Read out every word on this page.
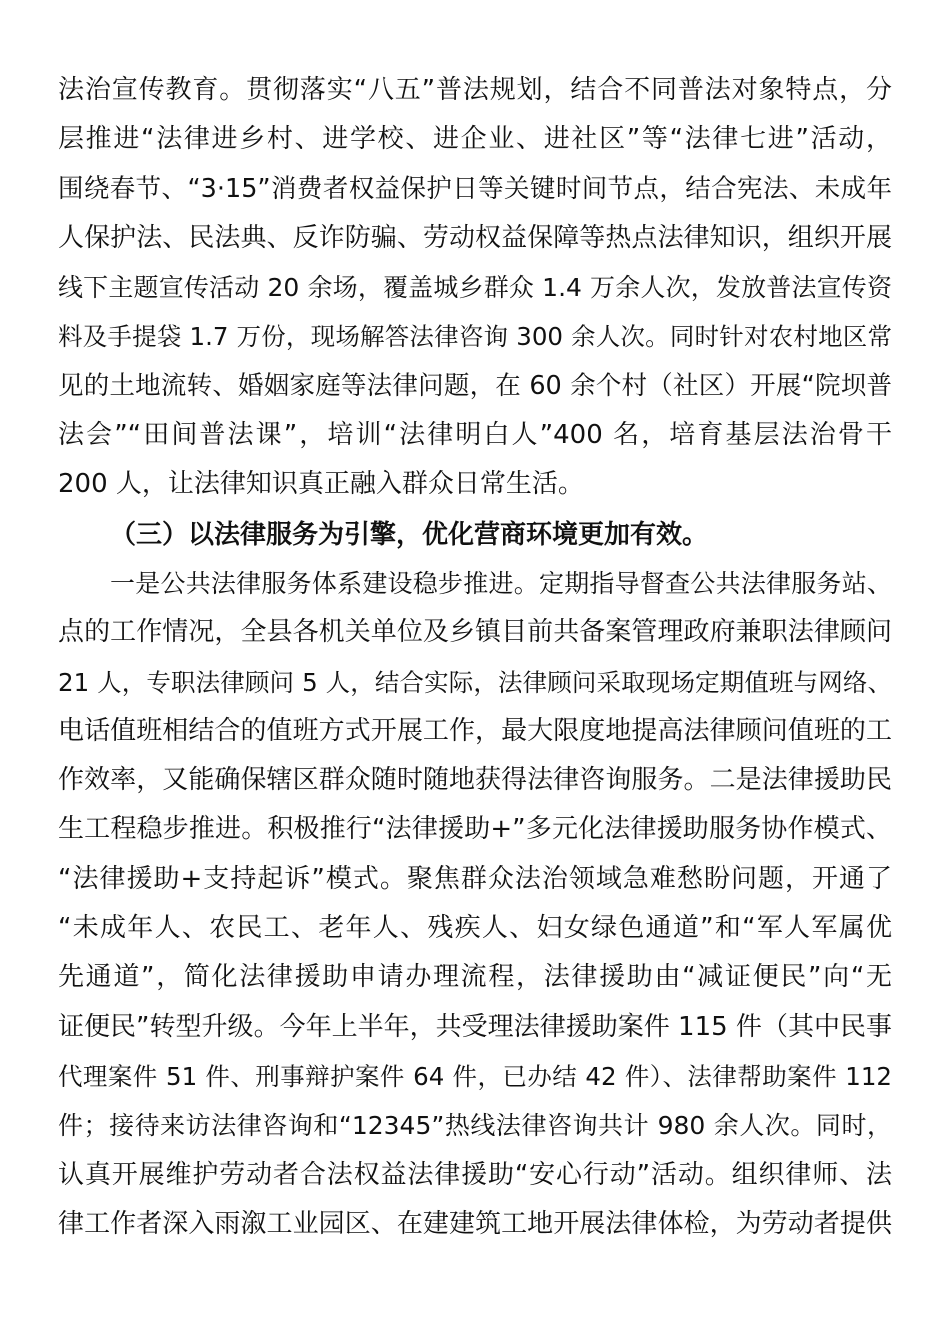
法治宣传教育。贯彻落实“八五”普法规划，结合不同普法对象特点，分
层推进“法律进乡村、进学校、进企业、进社区”等“法律七进”活动，
围绕春节、“3·15”消费者权益保护日等关键时间节点，结合宪法、未成年
人保护法、民法典、反诈防骗、劳动权益保障等热点法律知识，组织开展
线下主题宣传活动 20 余场，覆盖城乡群众 1.4 万余人次，发放普法宣传资
料及手提袋 1.7 万份，现场解答法律咨询 300 余人次。同时针对农村地区常
见的土地流转、婚姻家庭等法律问题，在 60 余个村（社区）开展“院坝普
法会”“田间普法课”，培训“法律明白人”400 名，培育基层法治骨干
200 人，让法律知识真正融入群众日常生活。
（三）以法律服务为引擎，优化营商环境更加有效。
一是公共法律服务体系建设稳步推进。定期指导督查公共法律服务站、
点的工作情况，全县各机关单位及乡镇目前共备案管理政府兼职法律顾问
21 人，专职法律顾问 5 人，结合实际，法律顾问采取现场定期值班与网络、
电话值班相结合的值班方式开展工作，最大限度地提高法律顾问值班的工
作效率，又能确保辖区群众随时随地获得法律咨询服务。二是法律援助民
生工程稳步推进。积极推行“法律援助+”多元化法律援助服务协作模式、
“法律援助+支持起诉”模式。聚焦群众法治领域急难愁盼问题，开通了
“未成年人、农民工、老年人、残疾人、妇女绿色通道”和“军人军属优
先通道”，简化法律援助申请办理流程，法律援助由“减证便民”向“无
证便民”转型升级。今年上半年，共受理法律援助案件 115 件（其中民事
代理案件 51 件、刑事辩护案件 64 件，已办结 42 件）、法律帮助案件 112
件；接待来访法律咨询和“12345”热线法律咨询共计 980 余人次。同时，
认真开展维护劳动者合法权益法律援助“安心行动”活动。组织律师、法
律工作者深入雨溆工业园区、在建建筑工地开展法律体检，为劳动者提供
